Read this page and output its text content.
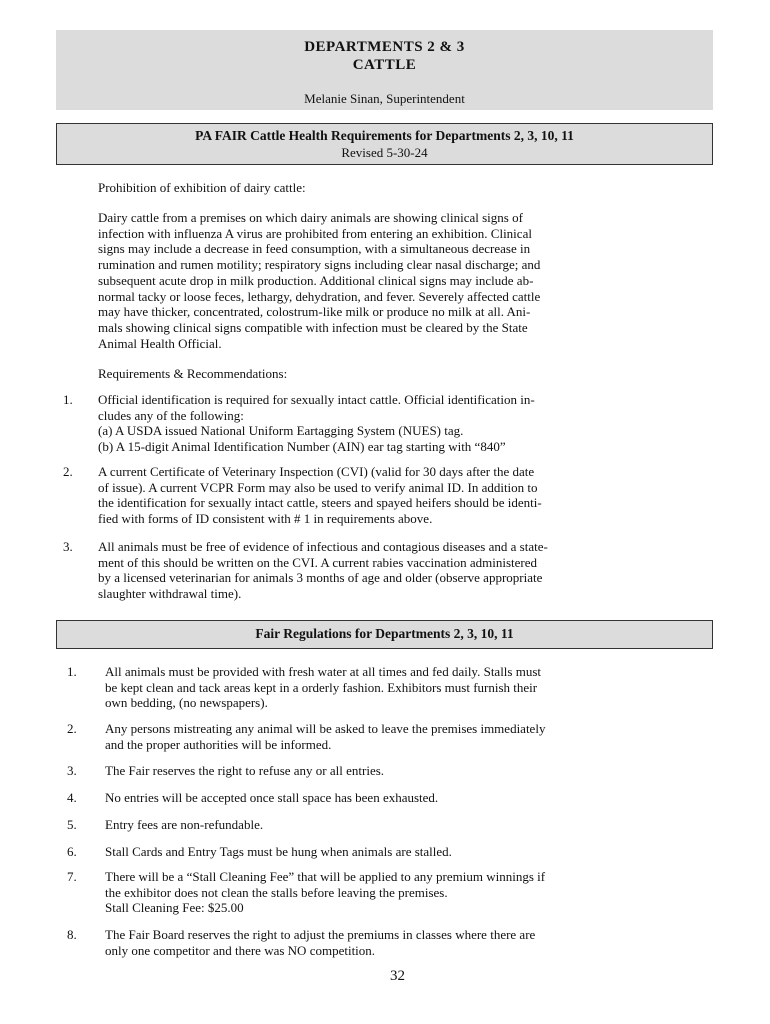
DEPARTMENTS 2 & 3
CATTLE
Melanie Sinan, Superintendent
PA FAIR Cattle Health Requirements for Departments 2, 3, 10, 11
Revised 5-30-24
Prohibition of exhibition of dairy cattle:
Dairy cattle from a premises on which dairy animals are showing clinical signs of
infection with influenza A virus are prohibited from entering an exhibition. Clinical
signs may include a decrease in feed consumption, with a simultaneous decrease in
rumination and rumen motility; respiratory signs including clear nasal discharge; and
subsequent acute drop in milk production. Additional clinical signs may include ab-
normal tacky or loose feces, lethargy, dehydration, and fever. Severely affected cattle
may have thicker, concentrated, colostrum-like milk or produce no milk at all. Ani-
mals showing clinical signs compatible with infection must be cleared by the State
Animal Health Official.
Requirements & Recommendations:
1.	Official identification is required for sexually intact cattle. Official identification in-
cludes any of the following:
(a) A USDA issued National Uniform Eartagging System (NUES) tag.
(b) A 15-digit Animal Identification Number (AIN) ear tag starting with “840”
2.	A current Certificate of Veterinary Inspection (CVI) (valid for 30 days after the date
of issue). A current VCPR Form may also be used to verify animal ID. In addition to
the identification for sexually intact cattle, steers and spayed heifers should be identi-
fied with forms of ID consistent with # 1 in requirements above.
3.	All animals must be free of evidence of infectious and contagious diseases and a state-
ment of this should be written on the CVI. A current rabies vaccination administered
by a licensed veterinarian for animals 3 months of age and older (observe appropriate
slaughter withdrawal time).
Fair Regulations for Departments 2, 3, 10, 11
1.	All animals must be provided with fresh water at all times and fed daily. Stalls must
be kept clean and tack areas kept in a orderly fashion. Exhibitors must furnish their
own bedding, (no newspapers).
2.	Any persons mistreating any animal will be asked to leave the premises immediately
and the proper authorities will be informed.
3.	The Fair reserves the right to refuse any or all entries.
4.	No entries will be accepted once stall space has been exhausted.
5.	Entry fees are non-refundable.
6.	Stall Cards and Entry Tags must be hung when animals are stalled.
7.	There will be a “Stall Cleaning Fee” that will be applied to any premium winnings if
the exhibitor does not clean the stalls before leaving the premises.
Stall Cleaning Fee: $25.00
8.	The Fair Board reserves the right to adjust the premiums in classes where there are
only one competitor and there was NO competition.
32
